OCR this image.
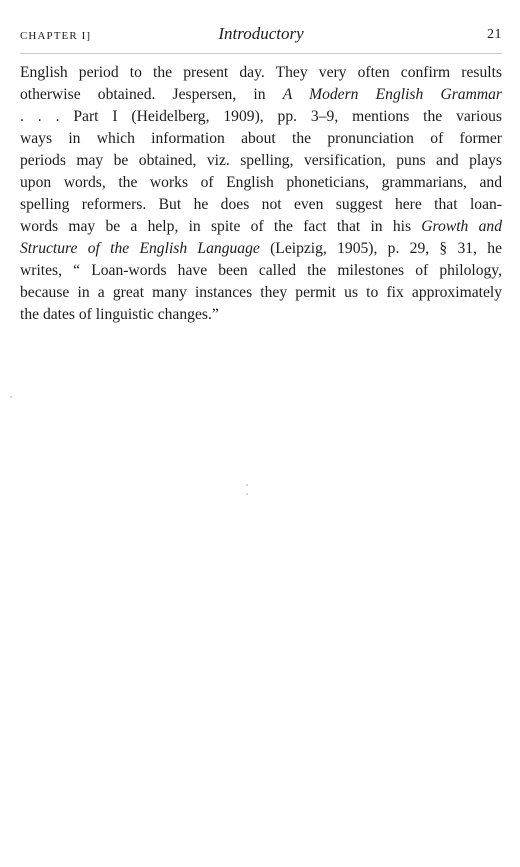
CHAPTER I]	Introductory	21
English period to the present day. They very often confirm results
otherwise obtained. Jespersen, in A Modern English Grammar
. . . Part I (Heidelberg, 1909), pp. 3–9, mentions the various
ways in which information about the pronunciation of former
periods may be obtained, viz. spelling, versification, puns and plays
upon words, the works of English phoneticians, grammarians, and
spelling reformers. But he does not even suggest here that loan-
words may be a help, in spite of the fact that in his Growth and
Structure of the English Language (Leipzig, 1905), p. 29, § 31, he
writes, “ Loan-words have been called the milestones of philology,
because in a great many instances they permit us to fix approximately
the dates of linguistic changes.”
